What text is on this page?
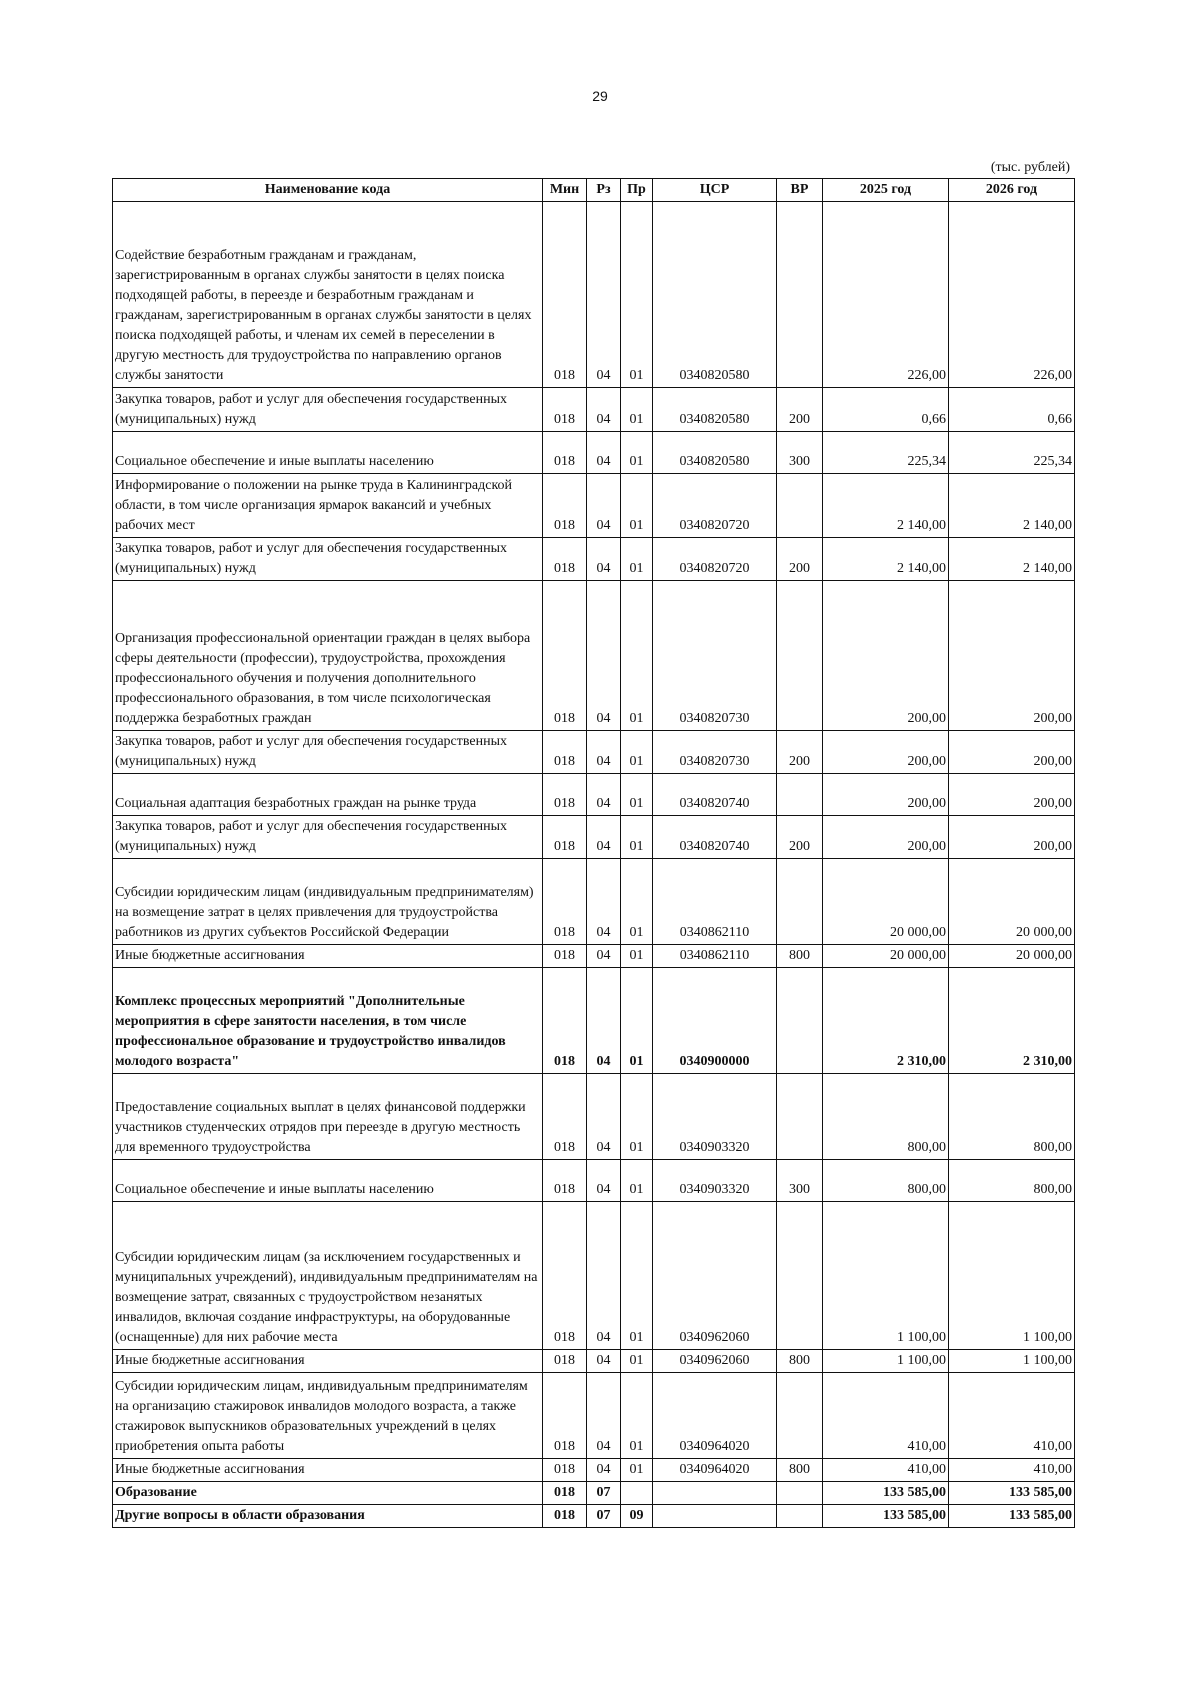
29
(тыс. рублей)
Наименование кода	Мин	Рз	Пр	ЦСР	ВР	2025 год	2026 год
Содействие безработным гражданам и гражданам, зарегистрированным в органах службы занятости в целях поиска подходящей работы, в переезде и безработным гражданам и гражданам, зарегистрированным в органах службы занятости в целях поиска подходящей работы, и членам их семей в переселении в другую местность для трудоустройства по направлению органов службы занятости	018	04	01	0340820580		226,00	226,00
Закупка товаров, работ и услуг для обеспечения государственных (муниципальных) нужд	018	04	01	0340820580	200	0,66	0,66
Социальное обеспечение и иные выплаты населению	018	04	01	0340820580	300	225,34	225,34
Информирование о положении на рынке труда в Калининградской области, в том числе организация ярмарок вакансий и учебных рабочих мест	018	04	01	0340820720		2 140,00	2 140,00
Закупка товаров, работ и услуг для обеспечения государственных (муниципальных) нужд	018	04	01	0340820720	200	2 140,00	2 140,00
Организация профессиональной ориентации граждан в целях выбора сферы деятельности (профессии), трудоустройства, прохождения профессионального обучения и получения дополнительного профессионального образования, в том числе психологическая поддержка безработных граждан	018	04	01	0340820730		200,00	200,00
Закупка товаров, работ и услуг для обеспечения государственных (муниципальных) нужд	018	04	01	0340820730	200	200,00	200,00
Социальная адаптация безработных граждан на рынке труда	018	04	01	0340820740		200,00	200,00
Закупка товаров, работ и услуг для обеспечения государственных (муниципальных) нужд	018	04	01	0340820740	200	200,00	200,00
Субсидии юридическим лицам (индивидуальным предпринимателям) на возмещение затрат в целях привлечения для трудоустройства работников из других субъектов Российской Федерации	018	04	01	0340862110		20 000,00	20 000,00
Иные бюджетные ассигнования	018	04	01	0340862110	800	20 000,00	20 000,00
Комплекс процессных мероприятий "Дополнительные мероприятия в сфере занятости населения, в том числе профессиональное образование и трудоустройство инвалидов молодого возраста"	018	04	01	0340900000		2 310,00	2 310,00
Предоставление социальных выплат в целях финансовой поддержки участников студенческих отрядов при переезде в другую местность для временного трудоустройства	018	04	01	0340903320		800,00	800,00
Социальное обеспечение и иные выплаты населению	018	04	01	0340903320	300	800,00	800,00
Субсидии юридическим лицам (за исключением государственных и муниципальных учреждений), индивидуальным предпринимателям на возмещение затрат, связанных с трудоустройством незанятых инвалидов, включая создание инфраструктуры, на оборудованные (оснащенные) для них рабочие места	018	04	01	0340962060		1 100,00	1 100,00
Иные бюджетные ассигнования	018	04	01	0340962060	800	1 100,00	1 100,00
Субсидии юридическим лицам, индивидуальным предпринимателям на организацию стажировок инвалидов молодого возраста, а также стажировок выпускников образовательных учреждений в целях приобретения опыта работы	018	04	01	0340964020		410,00	410,00
Иные бюджетные ассигнования	018	04	01	0340964020	800	410,00	410,00
Образование	018	07				133 585,00	133 585,00
Другие вопросы в области образования	018	07	09			133 585,00	133 585,00
